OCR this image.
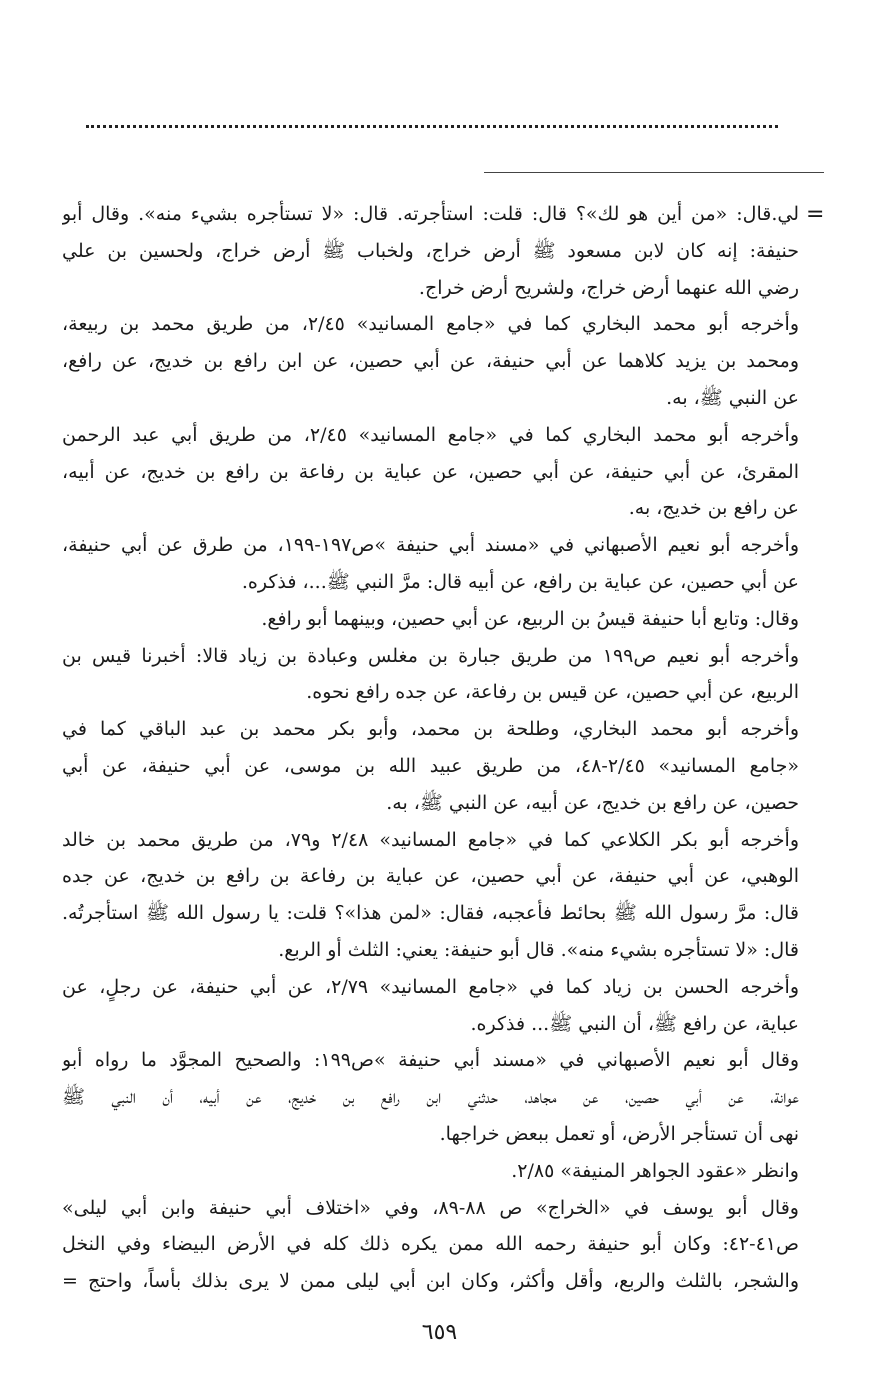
=
لي.قال: «من أين هو لك»؟ قال: قلت: استأجرته. قال: «لا تستأجره بشيء منه». وقال أبو
حنيفة: إنه كان لابن مسعود ﷺ أرض خراج، ولخباب ﷺ أرض خراج، ولحسين بن علي
رضي الله عنهما أرض خراج، ولشريح أرض خراج.
وأخرجه أبو محمد البخاري كما في «جامع المسانيد» ٢/٤٥، من طريق محمد بن ربيعة،
ومحمد بن يزيد كلاهما عن أبي حنيفة، عن أبي حصين، عن ابن رافع بن خديج، عن رافع،
عن النبي ﷺ، به.
وأخرجه أبو محمد البخاري كما في «جامع المسانيد» ٢/٤٥، من طريق أبي عبد الرحمن
المقرئ، عن أبي حنيفة، عن أبي حصين، عن عباية بن رفاعة بن رافع بن خديج، عن أبيه،
عن رافع بن خديج، به.
وأخرجه أبو نعيم الأصبهاني في «مسند أبي حنيفة »ص١٩٧-١٩٩، من طرق عن أبي حنيفة،
عن أبي حصين، عن عباية بن رافع، عن أبيه قال: مرَّ النبي ﷺ...، فذكره.
وقال: وتابع أبا حنيفة قيسُ بن الربيع، عن أبي حصين، وبينهما أبو رافع.
وأخرجه أبو نعيم ص١٩٩ من طريق جبارة بن مغلس وعبادة بن زياد قالا: أخبرنا قيس بن
الربيع، عن أبي حصين، عن قيس بن رفاعة، عن جده رافع نحوه.
وأخرجه أبو محمد البخاري، وطلحة بن محمد، وأبو بكر محمد بن عبد الباقي كما في
«جامع المسانيد» ٢/٤٥-٤٨، من طريق عبيد الله بن موسى، عن أبي حنيفة، عن أبي
حصين، عن رافع بن خديج، عن أبيه، عن النبي ﷺ، به.
وأخرجه أبو بكر الكلاعي كما في «جامع المسانيد» ٢/٤٨ و٧٩، من طريق محمد بن خالد
الوهبي، عن أبي حنيفة، عن أبي حصين، عن عباية بن رفاعة بن رافع بن خديج، عن جده
قال: مرَّ رسول الله ﷺ بحائط فأعجبه، فقال: «لمن هذا»؟ قلت: يا رسول الله ﷺ استأجرتُه.
قال: «لا تستأجره بشيء منه». قال أبو حنيفة: يعني: الثلث أو الربع.
وأخرجه الحسن بن زياد كما في «جامع المسانيد» ٢/٧٩، عن أبي حنيفة، عن رجلٍ، عن
عباية، عن رافع ﷺ، أن النبي ﷺ... فذكره.
وقال أبو نعيم الأصبهاني في «مسند أبي حنيفة »ص١٩٩: والصحيح المجوَّد ما رواه أبو
عوانة، عن أبي حصين، عن مجاهد، حدثني ابن رافع بن خديج، عن أبيه، أن النبي ﷺ
نهى أن تستأجر الأرض، أو تعمل ببعض خراجها.
وانظر «عقود الجواهر المنيفة» ٢/٨٥.
وقال أبو يوسف في «الخراج» ص ٨٨-٨٩، وفي «اختلاف أبي حنيفة وابن أبي ليلى»
ص٤١-٤٢: وكان أبو حنيفة رحمه الله ممن يكره ذلك كله في الأرض البيضاء وفي النخل
والشجر، بالثلث والربع، وأقل وأكثر، وكان ابن أبي ليلى ممن لا يرى بذلك بأساً، واحتج =
٦٥٩
